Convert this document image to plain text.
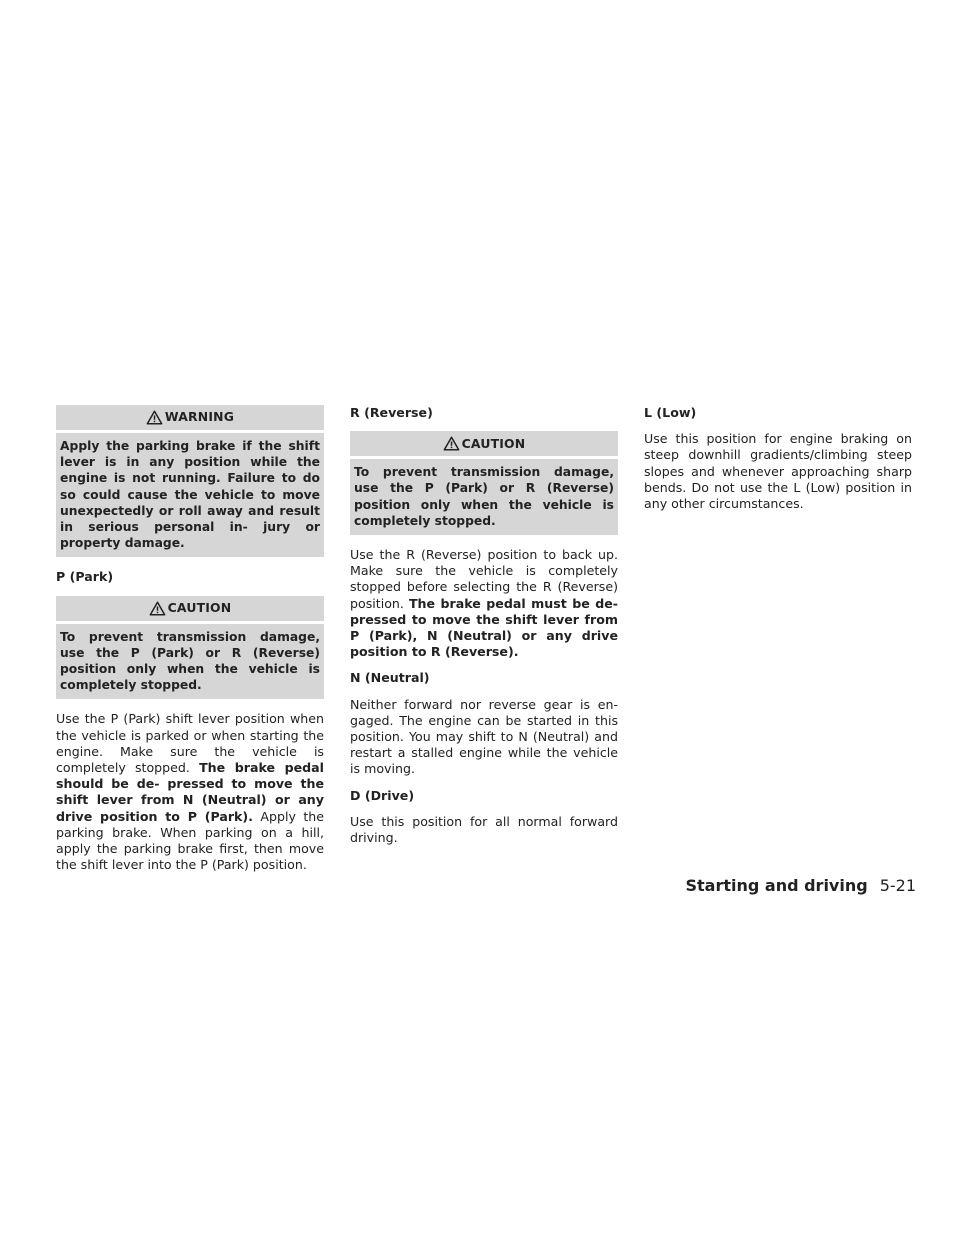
WARNING
Apply the parking brake if the shift lever is in any position while the engine is not running. Failure to do so could cause the vehicle to move unexpectedly or roll away and result in serious personal in- jury or property damage.
P (Park)
CAUTION
To prevent transmission damage, use the P (Park) or R (Reverse) position only when the vehicle is completely stopped.
Use the P (Park) shift lever position when the vehicle is parked or when starting the engine. Make sure the vehicle is completely stopped. The brake pedal should be de- pressed to move the shift lever from N (Neutral) or any drive position to P (Park). Apply the parking brake. When parking on a hill, apply the parking brake first, then move the shift lever into the P (Park) position.
R (Reverse)
CAUTION
To prevent transmission damage, use the P (Park) or R (Reverse) position only when the vehicle is completely stopped.
Use the R (Reverse) position to back up. Make sure the vehicle is completely stopped before selecting the R (Reverse) position. The brake pedal must be de- pressed to move the shift lever from P (Park), N (Neutral) or any drive position to R (Reverse).
N (Neutral)
Neither forward nor reverse gear is en- gaged. The engine can be started in this position. You may shift to N (Neutral) and restart a stalled engine while the vehicle is moving.
D (Drive)
Use this position for all normal forward driving.
L (Low)
Use this position for engine braking on steep downhill gradients/climbing steep slopes and whenever approaching sharp bends. Do not use the L (Low) position in any other circumstances.
Starting and driving 5-21
